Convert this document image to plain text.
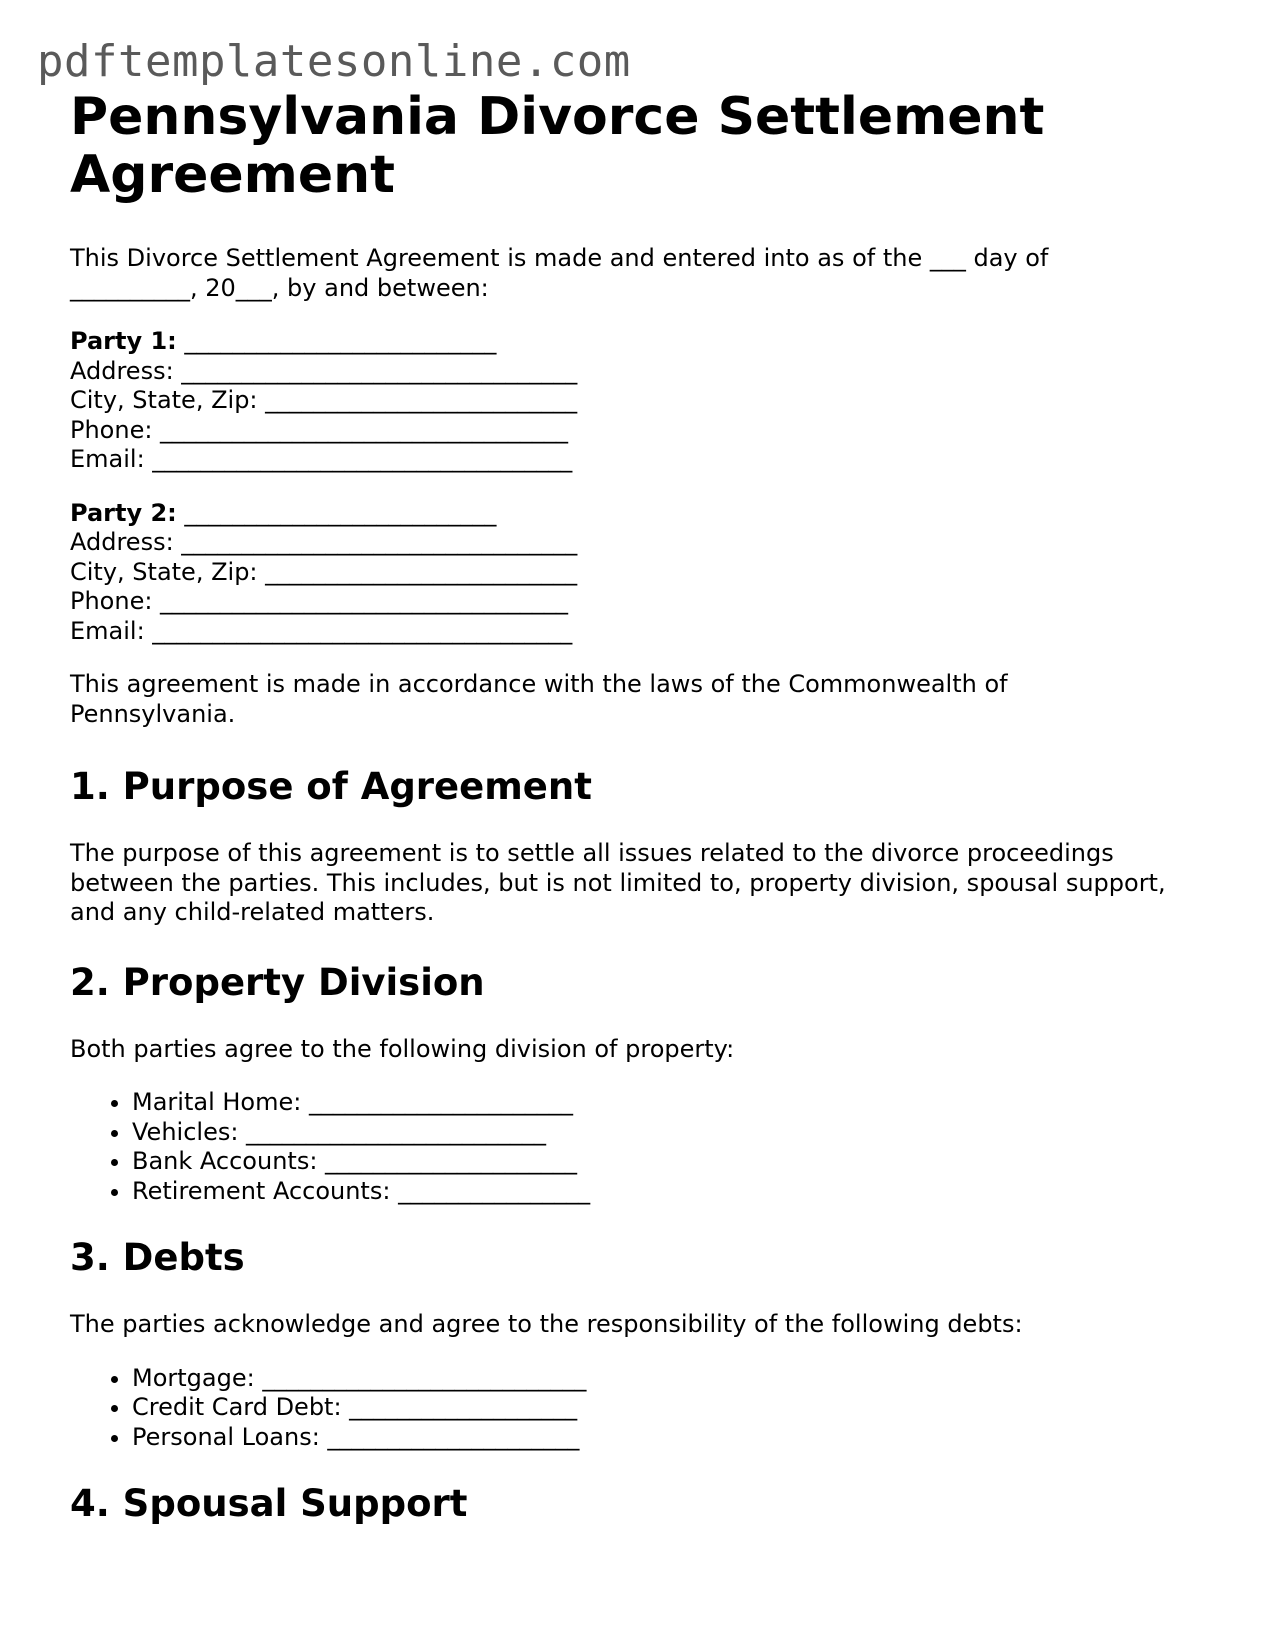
pdftemplatesonline.com
Pennsylvania Divorce Settlement Agreement

This Divorce Settlement Agreement is made and entered into as of the ___ day of

__________, 20___, by and between:

Party 1: __________________________
Address: _________________________________
City, State, Zip: __________________________
Phone: __________________________________
Email: ___________________________________
Party 2: __________________________
Address: _________________________________
City, State, Zip: __________________________
Phone: __________________________________
Email: ___________________________________

This agreement is made in accordance with the laws of the Commonwealth of

Pennsylvania.

1. Purpose of Agreement

The purpose of this agreement is to settle all issues related to the divorce proceedings

between the parties. This includes, but is not limited to, property division, spousal support,

and any child-related matters.

2. Property Division

Both parties agree to the following division of property:

• Marital Home: ______________________
• Vehicles: _________________________
• Bank Accounts: _____________________
• Retirement Accounts: ________________
3. Debts

The parties acknowledge and agree to the responsibility of the following debts:

• Mortgage: ___________________________
• Credit Card Debt: ___________________
• Personal Loans: _____________________
4. Spousal Support
